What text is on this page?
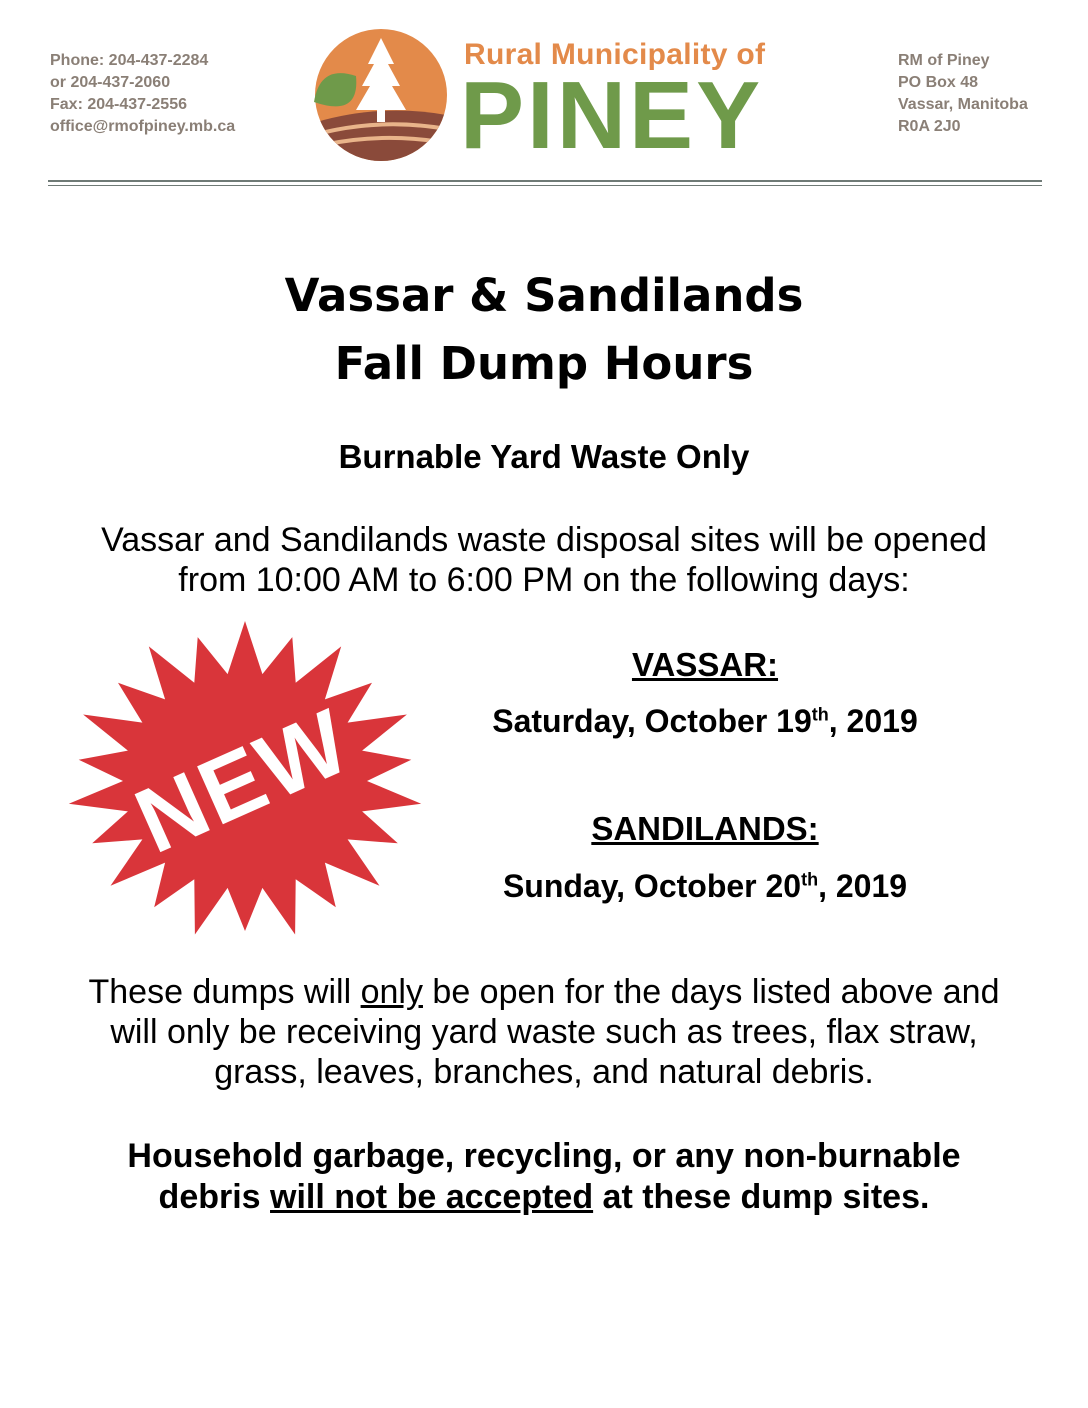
Phone: 204-437-2284
or 204-437-2060
Fax: 204-437-2556
office@rmofpiney.mb.ca
Rural Municipality of
PINEY
RM of Piney
PO Box 48
Vassar, Manitoba
R0A 2J0
Vassar & Sandilands
Fall Dump Hours
Burnable Yard Waste Only
Vassar and Sandilands waste disposal sites will be opened
from 10:00 AM to 6:00 PM on the following days:
NEW
VASSAR:
Saturday, October 19th, 2019
SANDILANDS:
Sunday, October 20th, 2019
These dumps will only be open for the days listed above and
will only be receiving yard waste such as trees, flax straw,
grass, leaves, branches, and natural debris.
Household garbage, recycling, or any non-burnable
debris will not be accepted at these dump sites.
